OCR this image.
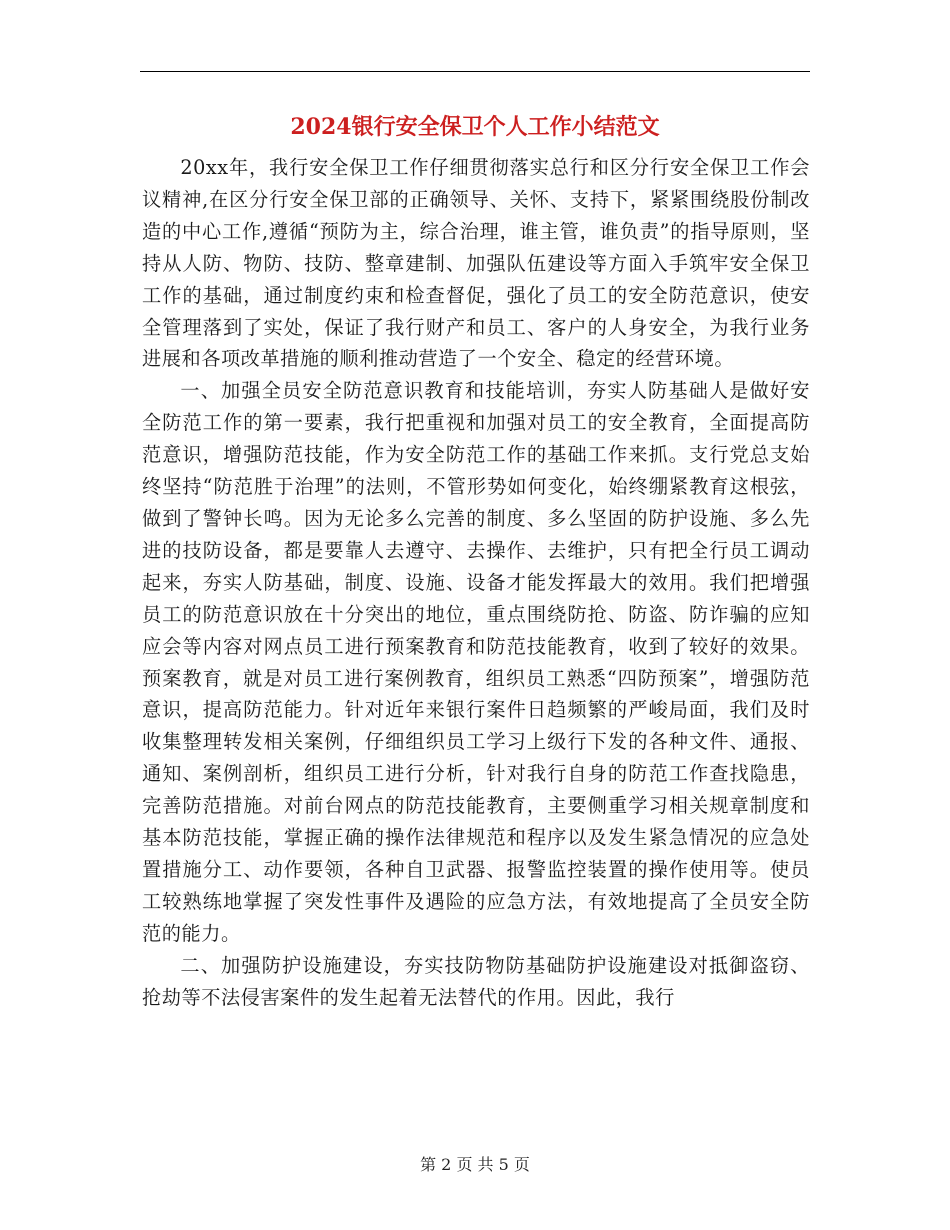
2024银行安全保卫个人工作小结范文

20xx年，我行安全保卫工作仔细贯彻落实总行和区分行安全保卫工作会议精神,在区分行安全保卫部的正确领导、关怀、支持下，紧紧围绕股份制改造的中心工作,遵循“预防为主，综合治理，谁主管，谁负责”的指导原则，坚持从人防、物防、技防、整章建制、加强队伍建设等方面入手筑牢安全保卫工作的基础，通过制度约束和检查督促，强化了员工的安全防范意识，使安全管理落到了实处，保证了我行财产和员工、客户的人身安全，为我行业务进展和各项改革措施的顺利推动营造了一个安全、稳定的经营环境。

一、加强全员安全防范意识教育和技能培训，夯实人防基础人是做好安全防范工作的第一要素，我行把重视和加强对员工的安全教育，全面提高防范意识，增强防范技能，作为安全防范工作的基础工作来抓。支行党总支始终坚持“防范胜于治理”的法则，不管形势如何变化，始终绷紧教育这根弦，做到了警钟长鸣。因为无论多么完善的制度、多么坚固的防护设施、多么先进的技防设备，都是要靠人去遵守、去操作、去维护，只有把全行员工调动起来，夯实人防基础，制度、设施、设备才能发挥最大的效用。我们把增强员工的防范意识放在十分突出的地位，重点围绕防抢、防盗、防诈骗的应知应会等内容对网点员工进行预案教育和防范技能教育，收到了较好的效果。预案教育，就是对员工进行案例教育，组织员工熟悉“四防预案”，增强防范意识，提高防范能力。针对近年来银行案件日趋频繁的严峻局面，我们及时收集整理转发相关案例，仔细组织员工学习上级行下发的各种文件、通报、通知、案例剖析，组织员工进行分析，针对我行自身的防范工作查找隐患，完善防范措施。对前台网点的防范技能教育，主要侧重学习相关规章制度和基本防范技能，掌握正确的操作法律规范和程序以及发生紧急情况的应急处置措施分工、动作要领，各种自卫武器、报警监控装置的操作使用等。使员工较熟练地掌握了突发性事件及遇险的应急方法，有效地提高了全员安全防范的能力。

二、加强防护设施建设，夯实技防物防基础防护设施建设对抵御盗窃、抢劫等不法侵害案件的发生起着无法替代的作用。因此，我行

第 2 页 共 5 页
